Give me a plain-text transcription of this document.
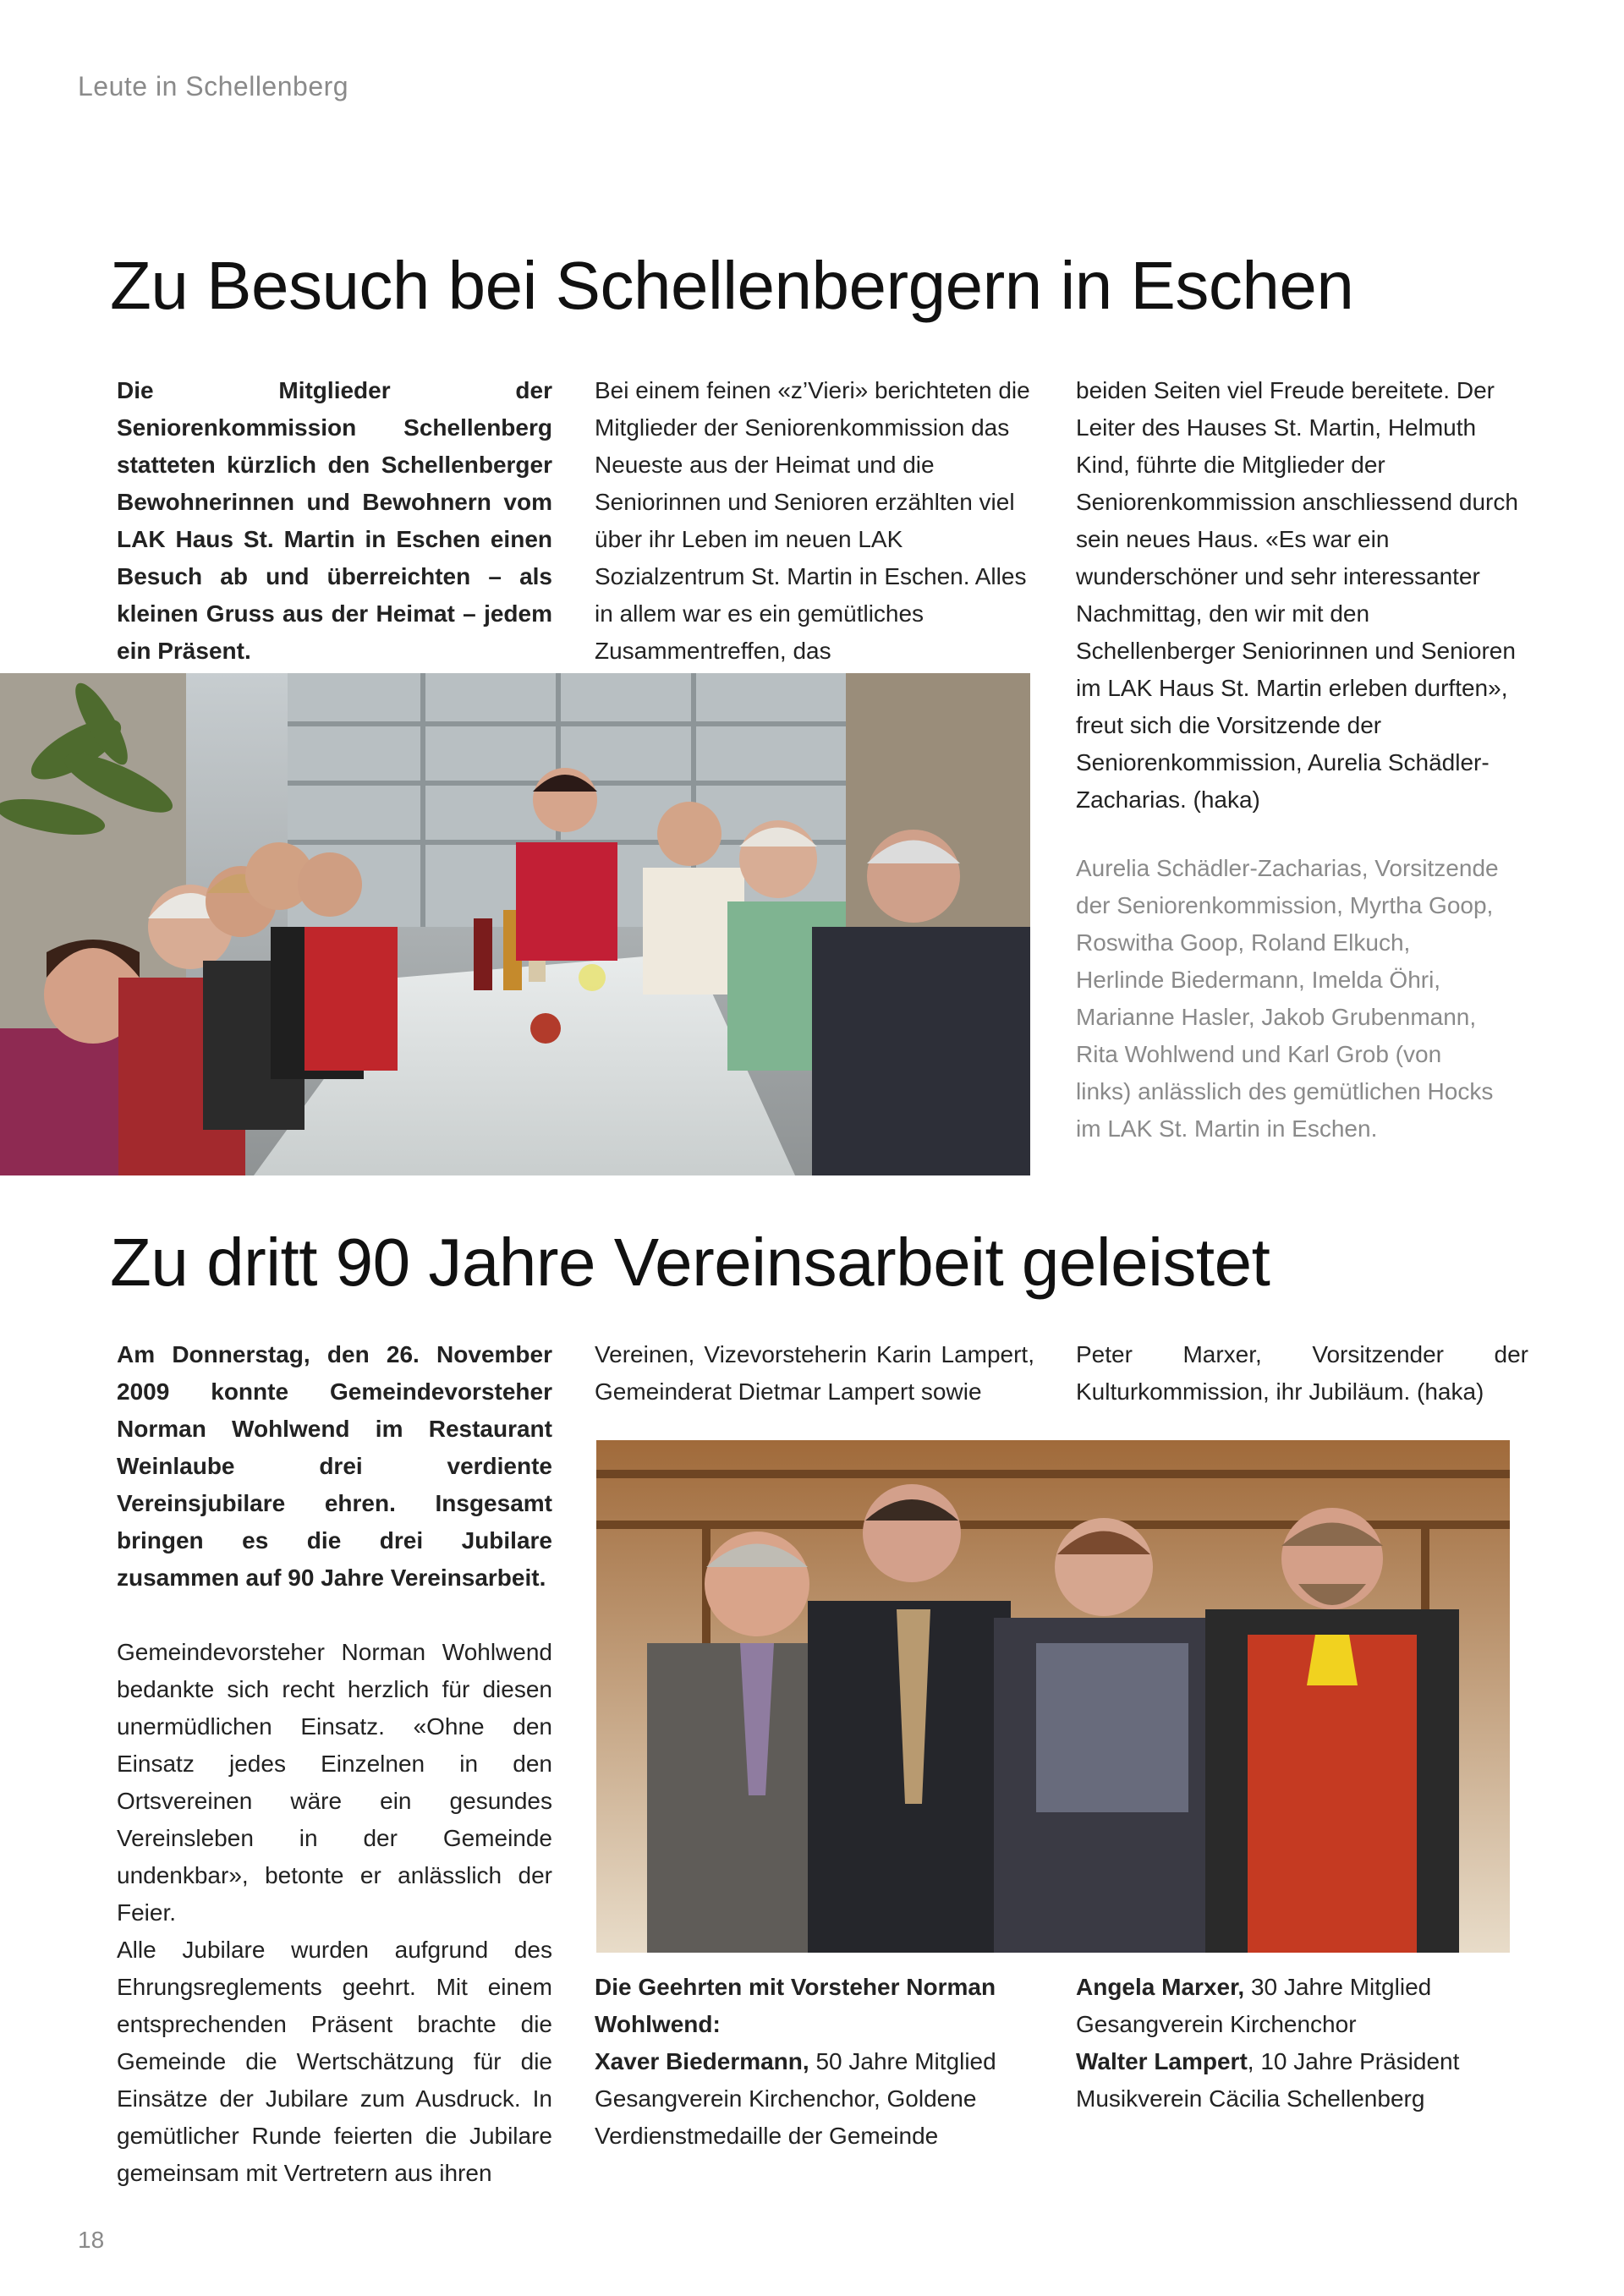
Leute in Schellenberg
Zu Besuch bei Schellenbergern in Eschen
Die Mitglieder der Seniorenkommission Schellenberg statteten kürzlich den Schellenberger Bewohnerinnen und Bewohnern vom LAK Haus St. Martin in Eschen einen Besuch ab und überreichten – als kleinen Gruss aus der Heimat – jedem ein Präsent.
Bei einem feinen «z’Vieri» berichteten die Mitglieder der Seniorenkommission das Neueste aus der Heimat und die Seniorinnen und Senioren erzählten viel über ihr Leben im neuen LAK Sozialzentrum St. Martin in Eschen. Alles in allem war es ein gemütliches Zusammentreffen, das
beiden Seiten viel Freude bereitete. Der Leiter des Hauses St. Martin, Helmuth Kind, führte die Mitglieder der Seniorenkommission anschliessend durch sein neues Haus. «Es war ein wunderschöner und sehr interessanter Nachmittag, den wir mit den Schellenberger Seniorinnen und Senioren im LAK Haus St. Martin erleben durften», freut sich die Vorsitzende der Seniorenkommission, Aurelia Schädler-Zacharias. (haka)
Aurelia Schädler-Zacharias, Vorsitzende der Seniorenkommission, Myrtha Goop, Roswitha Goop, Roland Elkuch, Herlinde Biedermann, Imelda Öhri, Marianne Hasler, Jakob Grubenmann, Rita Wohlwend und Karl Grob (von links) anlässlich des gemütlichen Hocks im LAK St. Martin in Eschen.
Zu dritt 90 Jahre Vereinsarbeit geleistet

Am Donnerstag, den 26. November 2009 konnte Gemeindevorsteher Norman Wohlwend im Restaurant Weinlaube drei verdiente Vereinsjubilare ehren. Insgesamt bringen es die drei Jubilare zusammen auf 90 Jahre Vereinsarbeit.

Gemeindevorsteher Norman Wohlwend bedankte sich recht herzlich für diesen unermüdlichen Einsatz. «Ohne den Einsatz jedes Einzelnen in den Ortsvereinen wäre ein gesundes Vereinsleben in der Gemeinde undenkbar», betonte er anlässlich der Feier.

Alle Jubilare wurden aufgrund des Ehrungsreglements geehrt. Mit einem entsprechenden Präsent brachte die Gemeinde die Wertschätzung für die Einsätze der Jubilare zum Ausdruck. In gemütlicher Runde feierten die Jubilare gemeinsam mit Vertretern aus ihren

Vereinen, Vizevorsteherin Karin Lampert, Gemeinderat Dietmar Lampert sowie
Peter Marxer, Vorsitzender der Kulturkommission, ihr Jubiläum. (haka)

Die Geehrten mit Vorsteher Norman Wohlwend:

Xaver Biedermann, 50 Jahre Mitglied Gesangverein Kirchenchor, Goldene Verdienstmedaille der Gemeinde

Angela Marxer, 30 Jahre Mitglied Gesangverein Kirchenchor

Walter Lampert, 10 Jahre Präsident Musikverein Cäcilia Schellenberg

18
